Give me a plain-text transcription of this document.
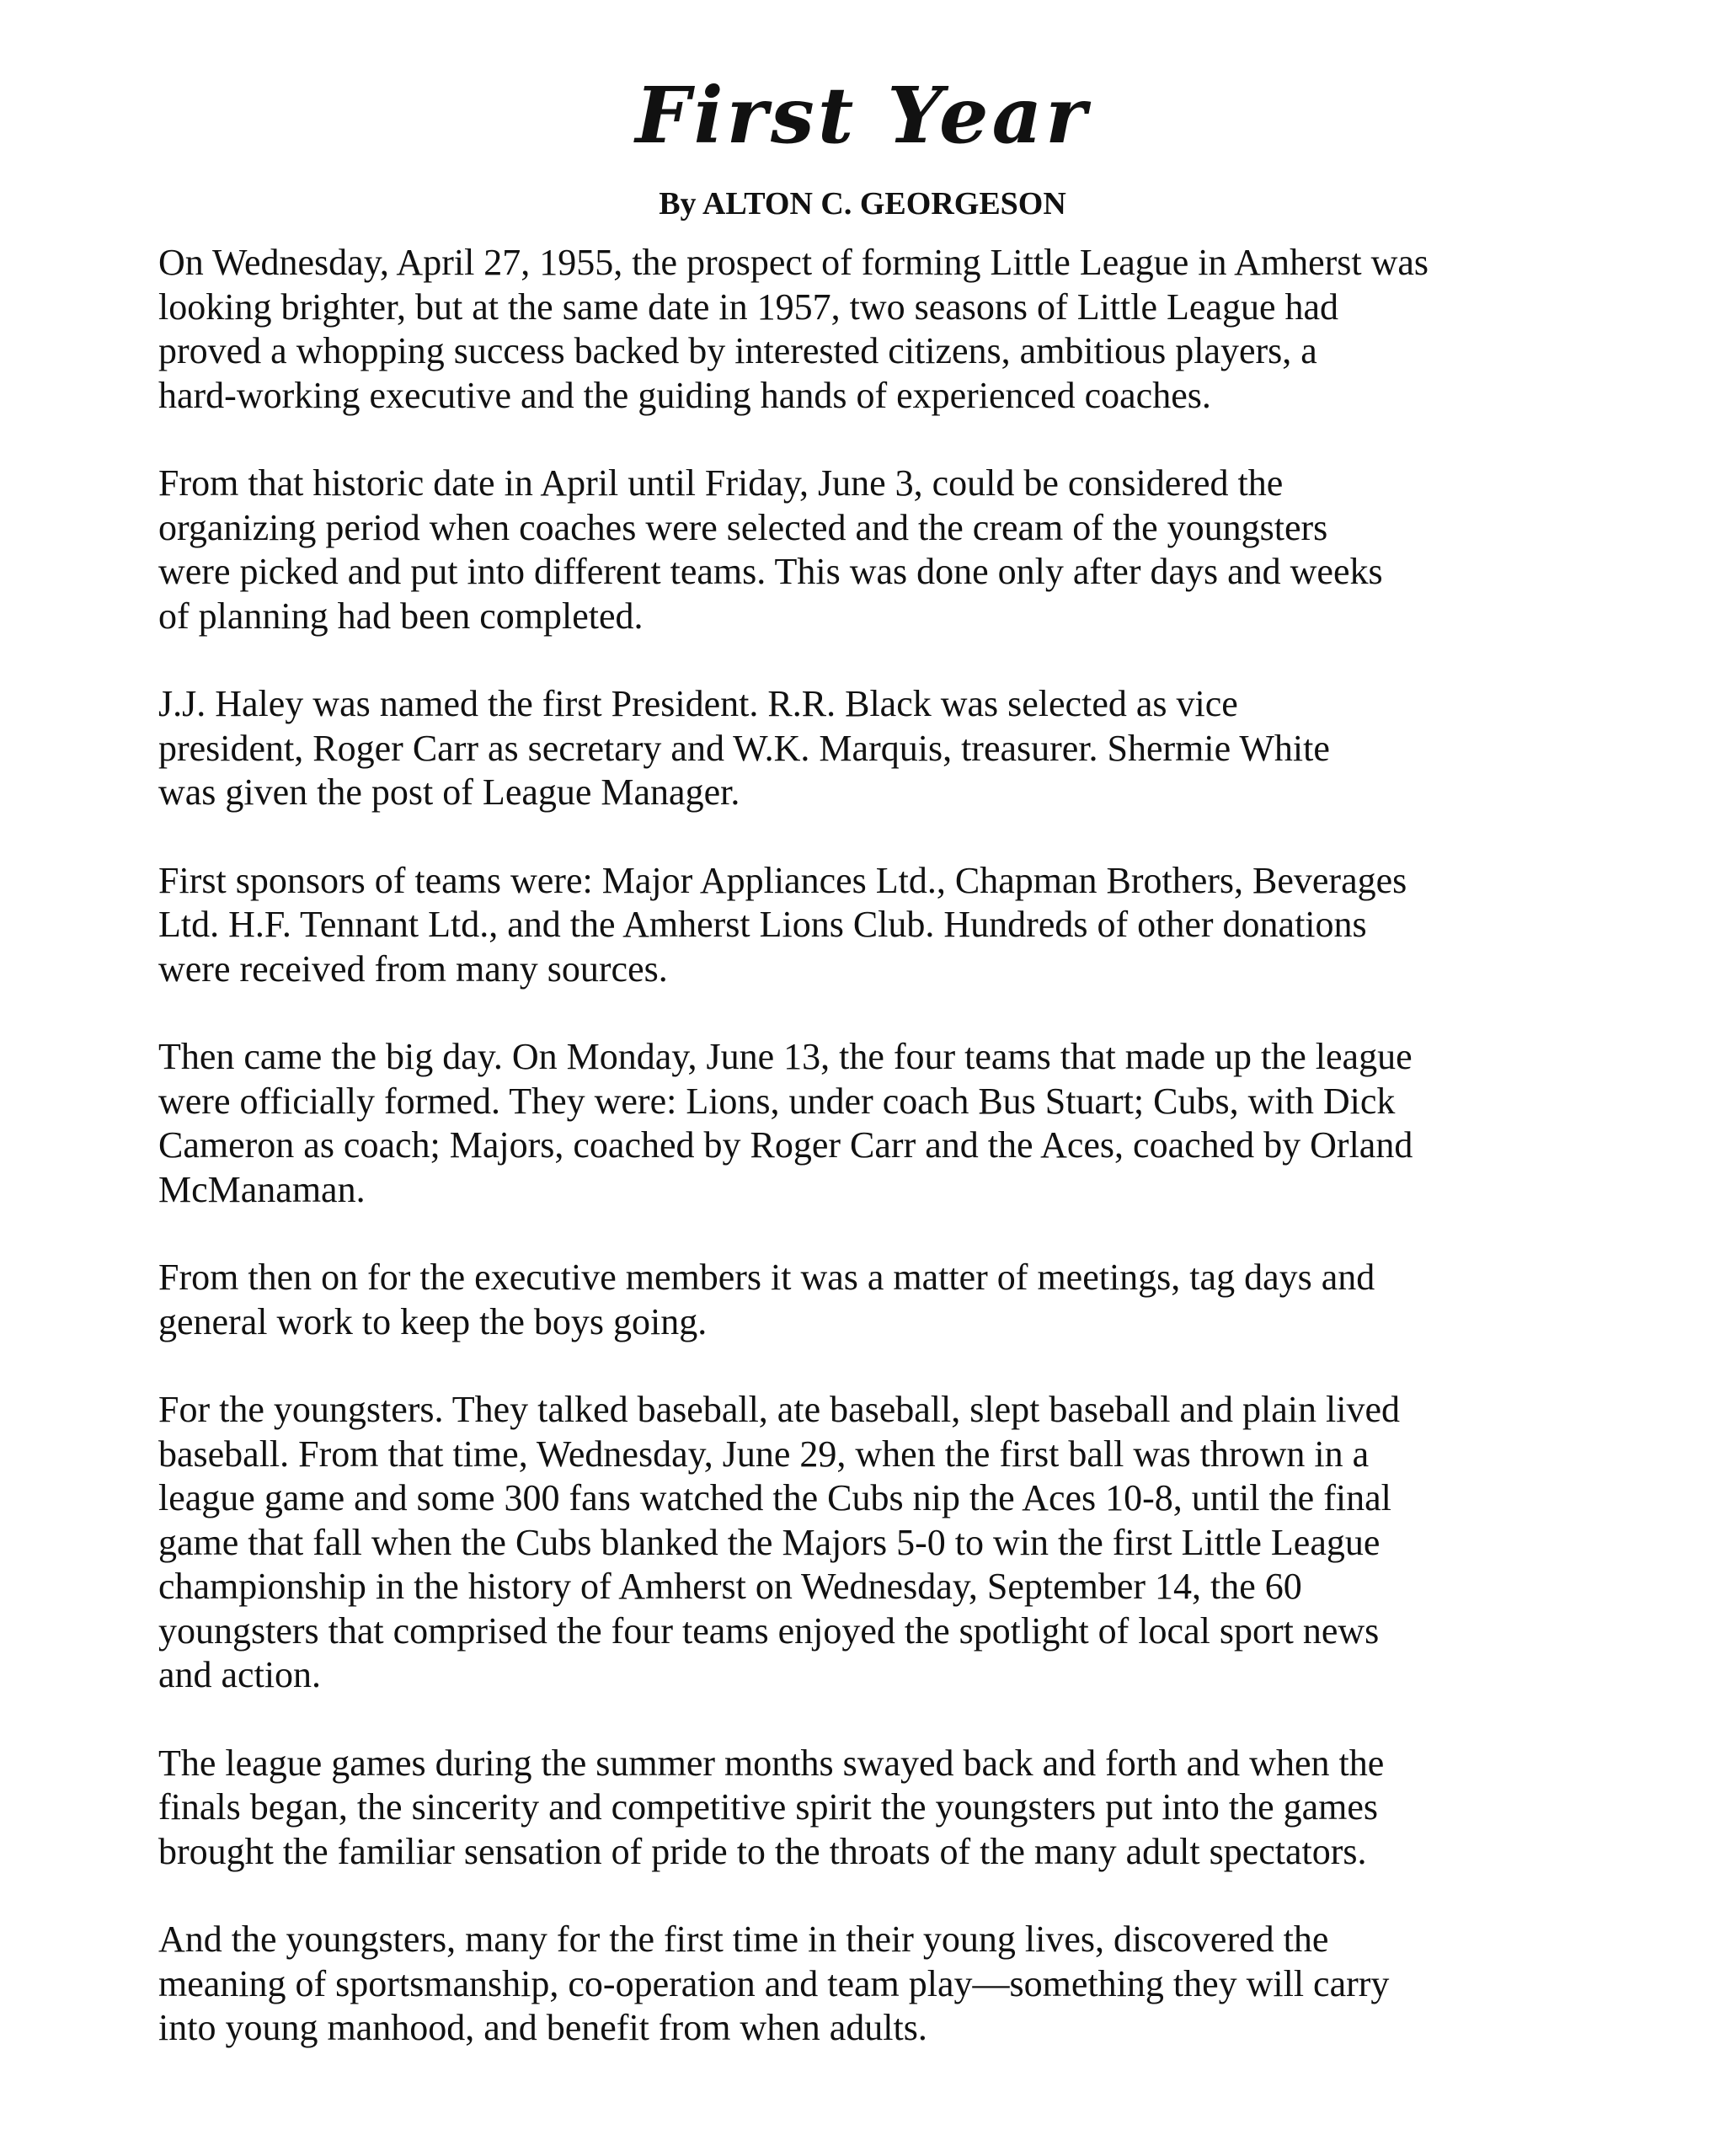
First Year
By ALTON C. GEORGESON

On Wednesday, April 27, 1955, the prospect of forming Little League in Amherst was
looking brighter, but at the same date in 1957, two seasons of Little League had
proved a whopping success backed by interested citizens, ambitious players, a
hard-working executive and the guiding hands of experienced coaches.

From that historic date in April until Friday, June 3, could be considered the
organizing period when coaches were selected and the cream of the youngsters
were picked and put into different teams. This was done only after days and weeks
of planning had been completed.

J.J. Haley was named the first President. R.R. Black was selected as vice
president, Roger Carr as secretary and W.K. Marquis, treasurer. Shermie White
was given the post of League Manager.

First sponsors of teams were: Major Appliances Ltd., Chapman Brothers, Beverages
Ltd. H.F. Tennant Ltd., and the Amherst Lions Club. Hundreds of other donations
were received from many sources.

Then came the big day. On Monday, June 13, the four teams that made up the league
were officially formed. They were: Lions, under coach Bus Stuart; Cubs, with Dick
Cameron as coach; Majors, coached by Roger Carr and the Aces, coached by Orland
McManaman.

From then on for the executive members it was a matter of meetings, tag days and
general work to keep the boys going.

For the youngsters. They talked baseball, ate baseball, slept baseball and plain lived
baseball. From that time, Wednesday, June 29, when the first ball was thrown in a
league game and some 300 fans watched the Cubs nip the Aces 10-8, until the final
game that fall when the Cubs blanked the Majors 5-0 to win the first Little League
championship in the history of Amherst on Wednesday, September 14, the 60
youngsters that comprised the four teams enjoyed the spotlight of local sport news
and action.

The league games during the summer months swayed back and forth and when the
finals began, the sincerity and competitive spirit the youngsters put into the games
brought the familiar sensation of pride to the throats of the many adult spectators.

And the youngsters, many for the first time in their young lives, discovered the
meaning of sportsmanship, co-operation and team play—something they will carry
into young manhood, and benefit from when adults.
